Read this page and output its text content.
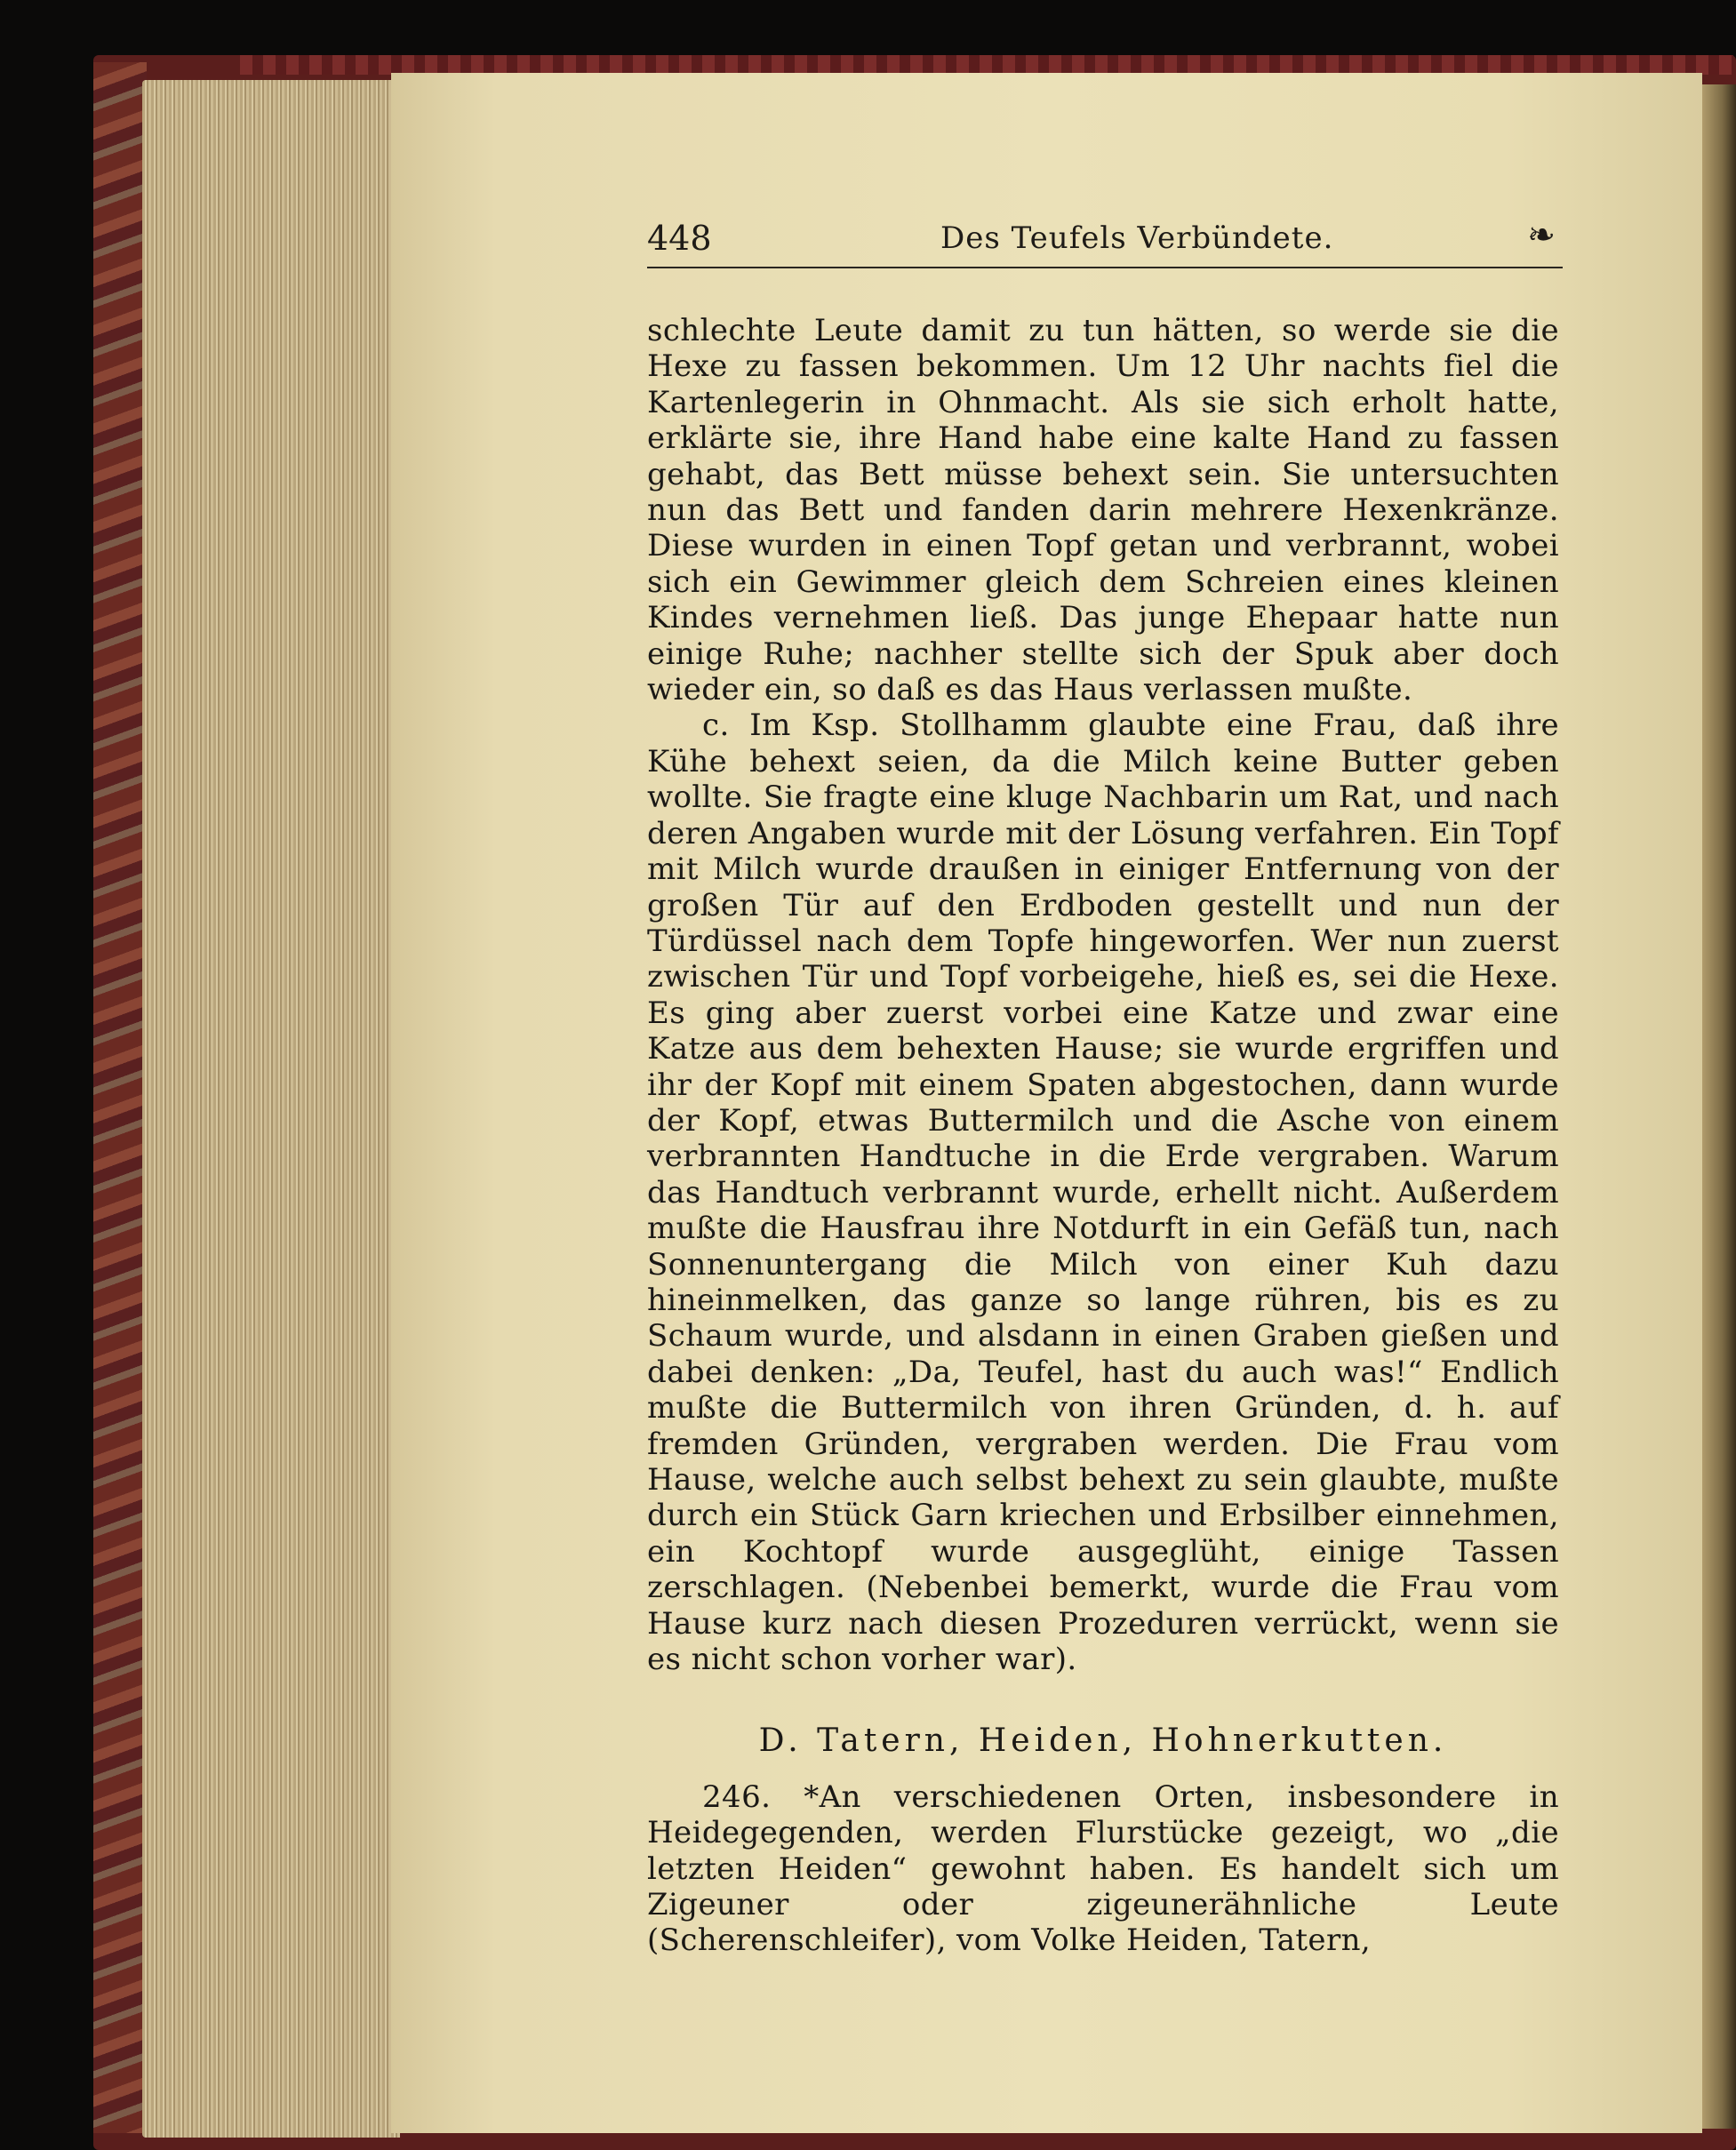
448	Des Teufels Verbündete.	❧

schlechte Leute damit zu tun hätten, so werde sie die Hexe zu fassen bekommen. Um 12 Uhr nachts fiel die Kartenlegerin in Ohnmacht. Als sie sich erholt hatte, erklärte sie, ihre Hand habe eine kalte Hand zu fassen gehabt, das Bett müsse behext sein. Sie untersuchten nun das Bett und fanden darin mehrere Hexenkränze. Diese wurden in einen Topf getan und verbrannt, wobei sich ein Gewimmer gleich dem Schreien eines kleinen Kindes vernehmen ließ. Das junge Ehepaar hatte nun einige Ruhe; nachher stellte sich der Spuk aber doch wieder ein, so daß es das Haus verlassen mußte.

c. Im Ksp. Stollhamm glaubte eine Frau, daß ihre Kühe behext seien, da die Milch keine Butter geben wollte. Sie fragte eine kluge Nachbarin um Rat, und nach deren Angaben wurde mit der Lösung verfahren. Ein Topf mit Milch wurde draußen in einiger Entfernung von der großen Tür auf den Erdboden gestellt und nun der Türdüssel nach dem Topfe hingeworfen. Wer nun zuerst zwischen Tür und Topf vorbeigehe, hieß es, sei die Hexe. Es ging aber zuerst vorbei eine Katze und zwar eine Katze aus dem behexten Hause; sie wurde ergriffen und ihr der Kopf mit einem Spaten abgestochen, dann wurde der Kopf, etwas Buttermilch und die Asche von einem verbrannten Handtuche in die Erde vergraben. Warum das Handtuch verbrannt wurde, erhellt nicht. Außerdem mußte die Hausfrau ihre Notdurft in ein Gefäß tun, nach Sonnenuntergang die Milch von einer Kuh dazu hineinmelken, das ganze so lange rühren, bis es zu Schaum wurde, und alsdann in einen Graben gießen und dabei denken: „Da, Teufel, hast du auch was!“ Endlich mußte die Buttermilch von ihren Gründen, d. h. auf fremden Gründen, vergraben werden. Die Frau vom Hause, welche auch selbst behext zu sein glaubte, mußte durch ein Stück Garn kriechen und Erbsilber einnehmen, ein Kochtopf wurde ausgeglüht, einige Tassen zerschlagen. (Nebenbei bemerkt, wurde die Frau vom Hause kurz nach diesen Prozeduren verrückt, wenn sie es nicht schon vorher war).

D. Tatern, Heiden, Hohnerkutten.

246. *An verschiedenen Orten, insbesondere in Heidegegenden, werden Flurstücke gezeigt, wo „die letzten Heiden“ gewohnt haben. Es handelt sich um Zigeuner oder zigeunerähnliche Leute (Scherenschleifer), vom Volke Heiden, Tatern,
